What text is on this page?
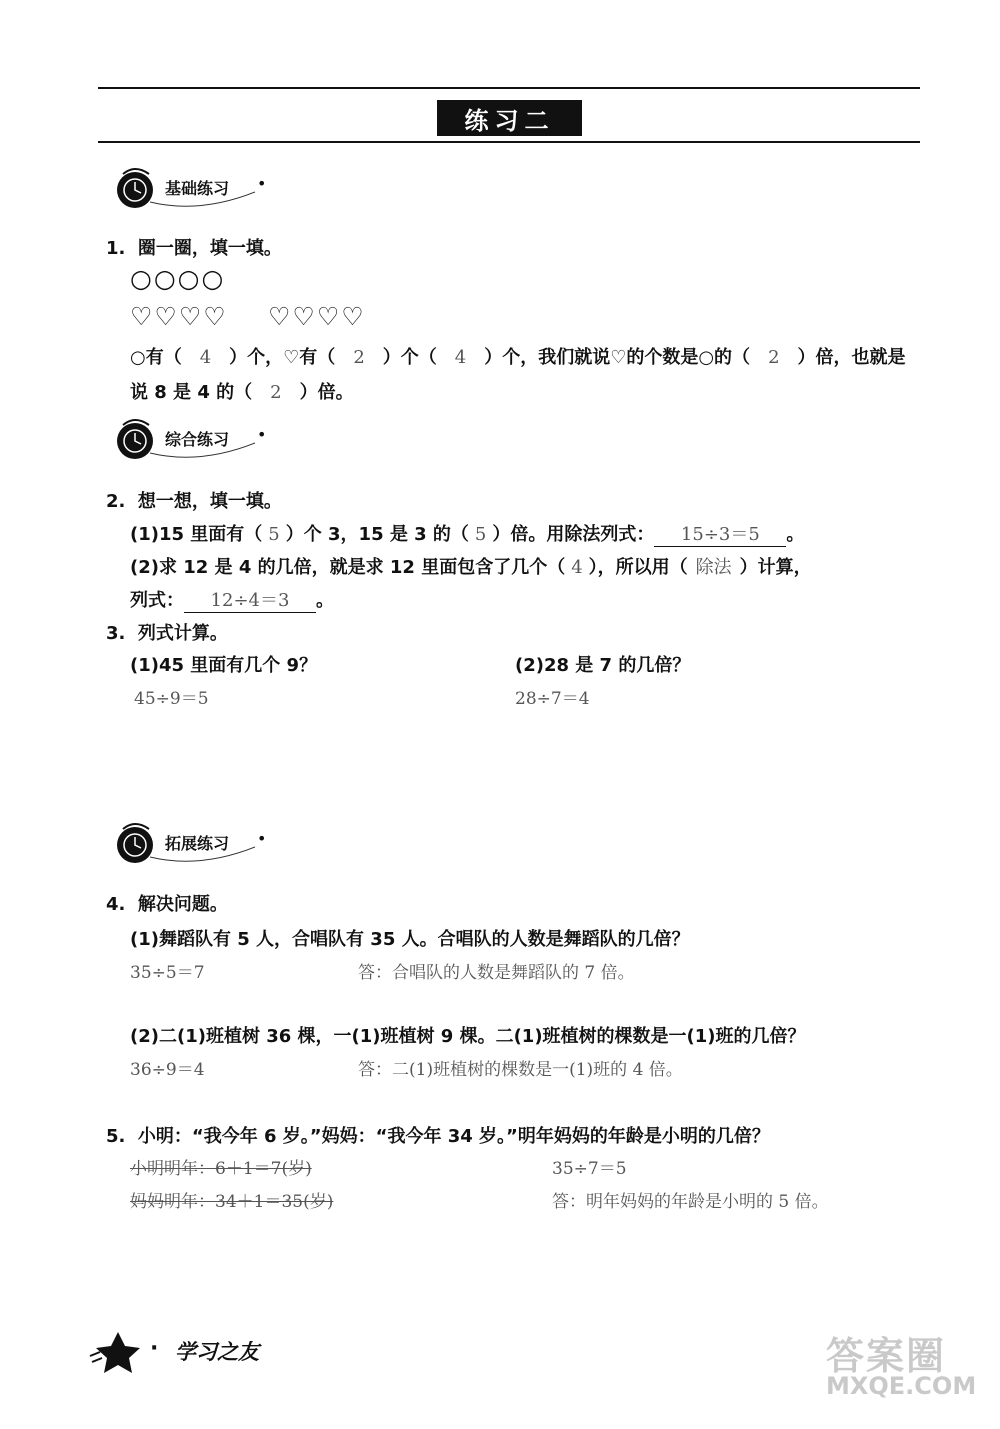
练习二
基础练习 •
1. 圈一圈，填一填。
○○○○
♡♡♡♡ ♡♡♡♡
○有（ 4 ）个，♡有（ 2 ）个（ 4 ）个，我们就说♡的个数是○的（ 2 ）倍，也就是
说 8 是 4 的（ 2 ）倍。
综合练习 •
2. 想一想，填一填。
(1)15 里面有（ 5 ）个 3，15 是 3 的（ 5 ）倍。用除法列式： 15÷3＝5 。
(2)求 12 是 4 的几倍，就是求 12 里面包含了几个（ 4 ），所以用（ 除法 ）计算，
列式： 12÷4＝3 。
3. 列式计算。
(1)45 里面有几个 9？	(2)28 是 7 的几倍？
45÷9＝5	28÷7＝4
拓展练习 •
4. 解决问题。
(1)舞蹈队有 5 人，合唱队有 35 人。合唱队的人数是舞蹈队的几倍？
35÷5＝7	答：合唱队的人数是舞蹈队的 7 倍。
(2)二(1)班植树 36 棵，一(1)班植树 9 棵。二(1)班植树的棵数是一(1)班的几倍？
36÷9＝4	答：二(1)班植树的棵数是一(1)班的 4 倍。
5. 小明：“我今年 6 岁。”妈妈：“我今年 34 岁。”明年妈妈的年龄是小明的几倍？
小明明年：6＋1＝7(岁)	35÷7＝5
妈妈明年：34＋1＝35(岁)	答：明年妈妈的年龄是小明的 5 倍。
· 学习之友	答案圈
MXQE.COM
